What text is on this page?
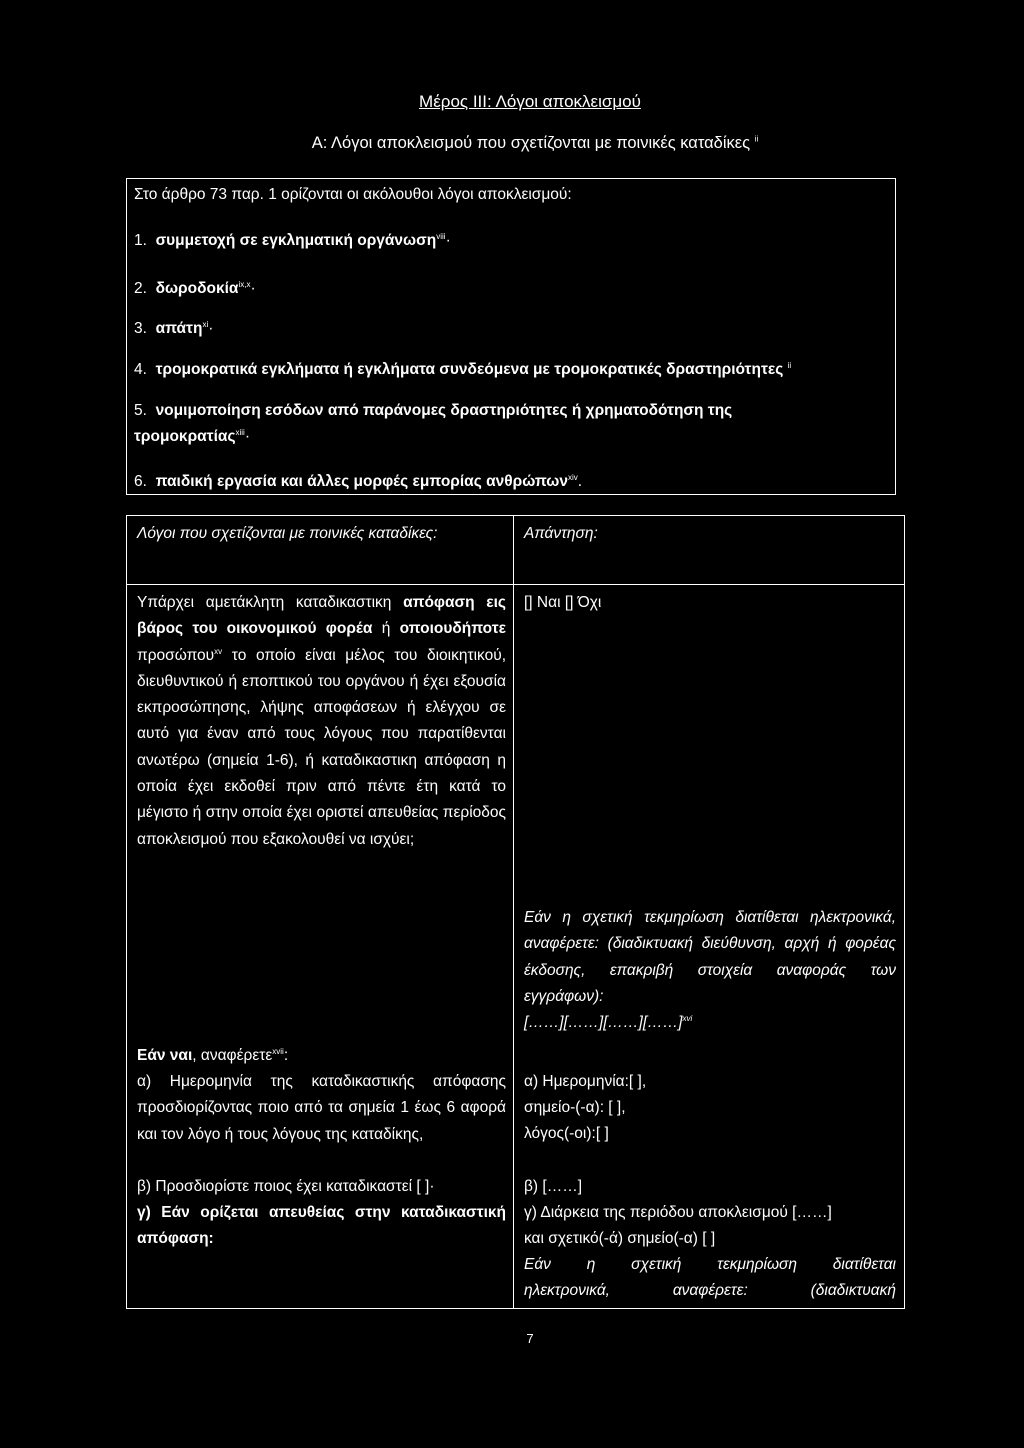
Μέρος ΙΙΙ: Λόγοι αποκλεισμού
Α: Λόγοι αποκλεισμού που σχετίζονται με ποινικές καταδίκες $^{ii}$

Στο άρθρο 73 παρ. 1 ορίζονται οι ακόλουθοι λόγοι αποκλεισμού:

1. συμμετοχή σε εγκληματική οργάνωση$^{viii}$·

2. δωροδοκία$^{ix,x}$·

3. απάτη$^{xi}$·

4. τρομοκρατικά εγκλήματα ή εγκλήματα συνδεόμενα με τρομοκρατικές δραστηριότητες $^{ii}$

5. νομιμοποίηση εσόδων από παράνομες δραστηριότητες ή χρηματοδότηση της
τρομοκρατίας$^{xiii}$·

6. παιδική εργασία και άλλες μορφές εμπορίας ανθρώπων$^{xiv}$.

Λόγοι που σχετίζονται με ποινικές καταδίκες:	Απάντηση:

Υπάρχει αμετάκλητη καταδικαστικη απόφαση εις βάρος του οικονομικού φορέα ή οποιουδήποτε προσώπου$^{xv}$ το οποίο είναι μέλος του διοικητικού, διευθυντικού ή εποπτικού του οργάνου ή έχει εξουσία εκπροσώπησης, λήψης αποφάσεων ή ελέγχου σε αυτό για έναν από τους λόγους που παρατίθενται ανωτέρω (σημεία 1-6), ή καταδικαστικη απόφαση η οποία έχει εκδοθεί πριν από πέντε έτη κατά το μέγιστο ή στην οποία έχει οριστεί απευθείας περίοδος αποκλεισμού που εξακολουθεί να ισχύει;

[] Ναι [] Όχι

Εάν η σχετική τεκμηρίωση διατίθεται ηλεκτρονικά, αναφέρετε: (διαδικτυακή διεύθυνση, αρχή ή φορέας έκδοσης, επακριβή στοιχεία αναφοράς των εγγράφων):
[……][……][……][……]$^{xvi}$

Εάν ναι, αναφέρετε$^{xvii}$:

α) Ημερομηνία της καταδικαστικής απόφασης προσδιορίζοντας ποιο από τα σημεία 1 έως 6 αφορά και τον λόγο ή τους λόγους της καταδίκης,

β) Προσδιορίστε ποιος έχει καταδικαστεί [ ]·

γ) Εάν ορίζεται απευθείας στην καταδικαστική απόφαση:

α) Ημερομηνία:[ ],

σημείο-(-α): [ ],

λόγος(-οι):[ ]

β) [……]

γ) Διάρκεια της περιόδου αποκλεισμού [……]

και σχετικό(-ά) σημείο(-α) [ ]

Εάν η σχετική τεκμηρίωση διατίθεται

ηλεκτρονικά, αναφέρετε: (διαδικτυακή

7
